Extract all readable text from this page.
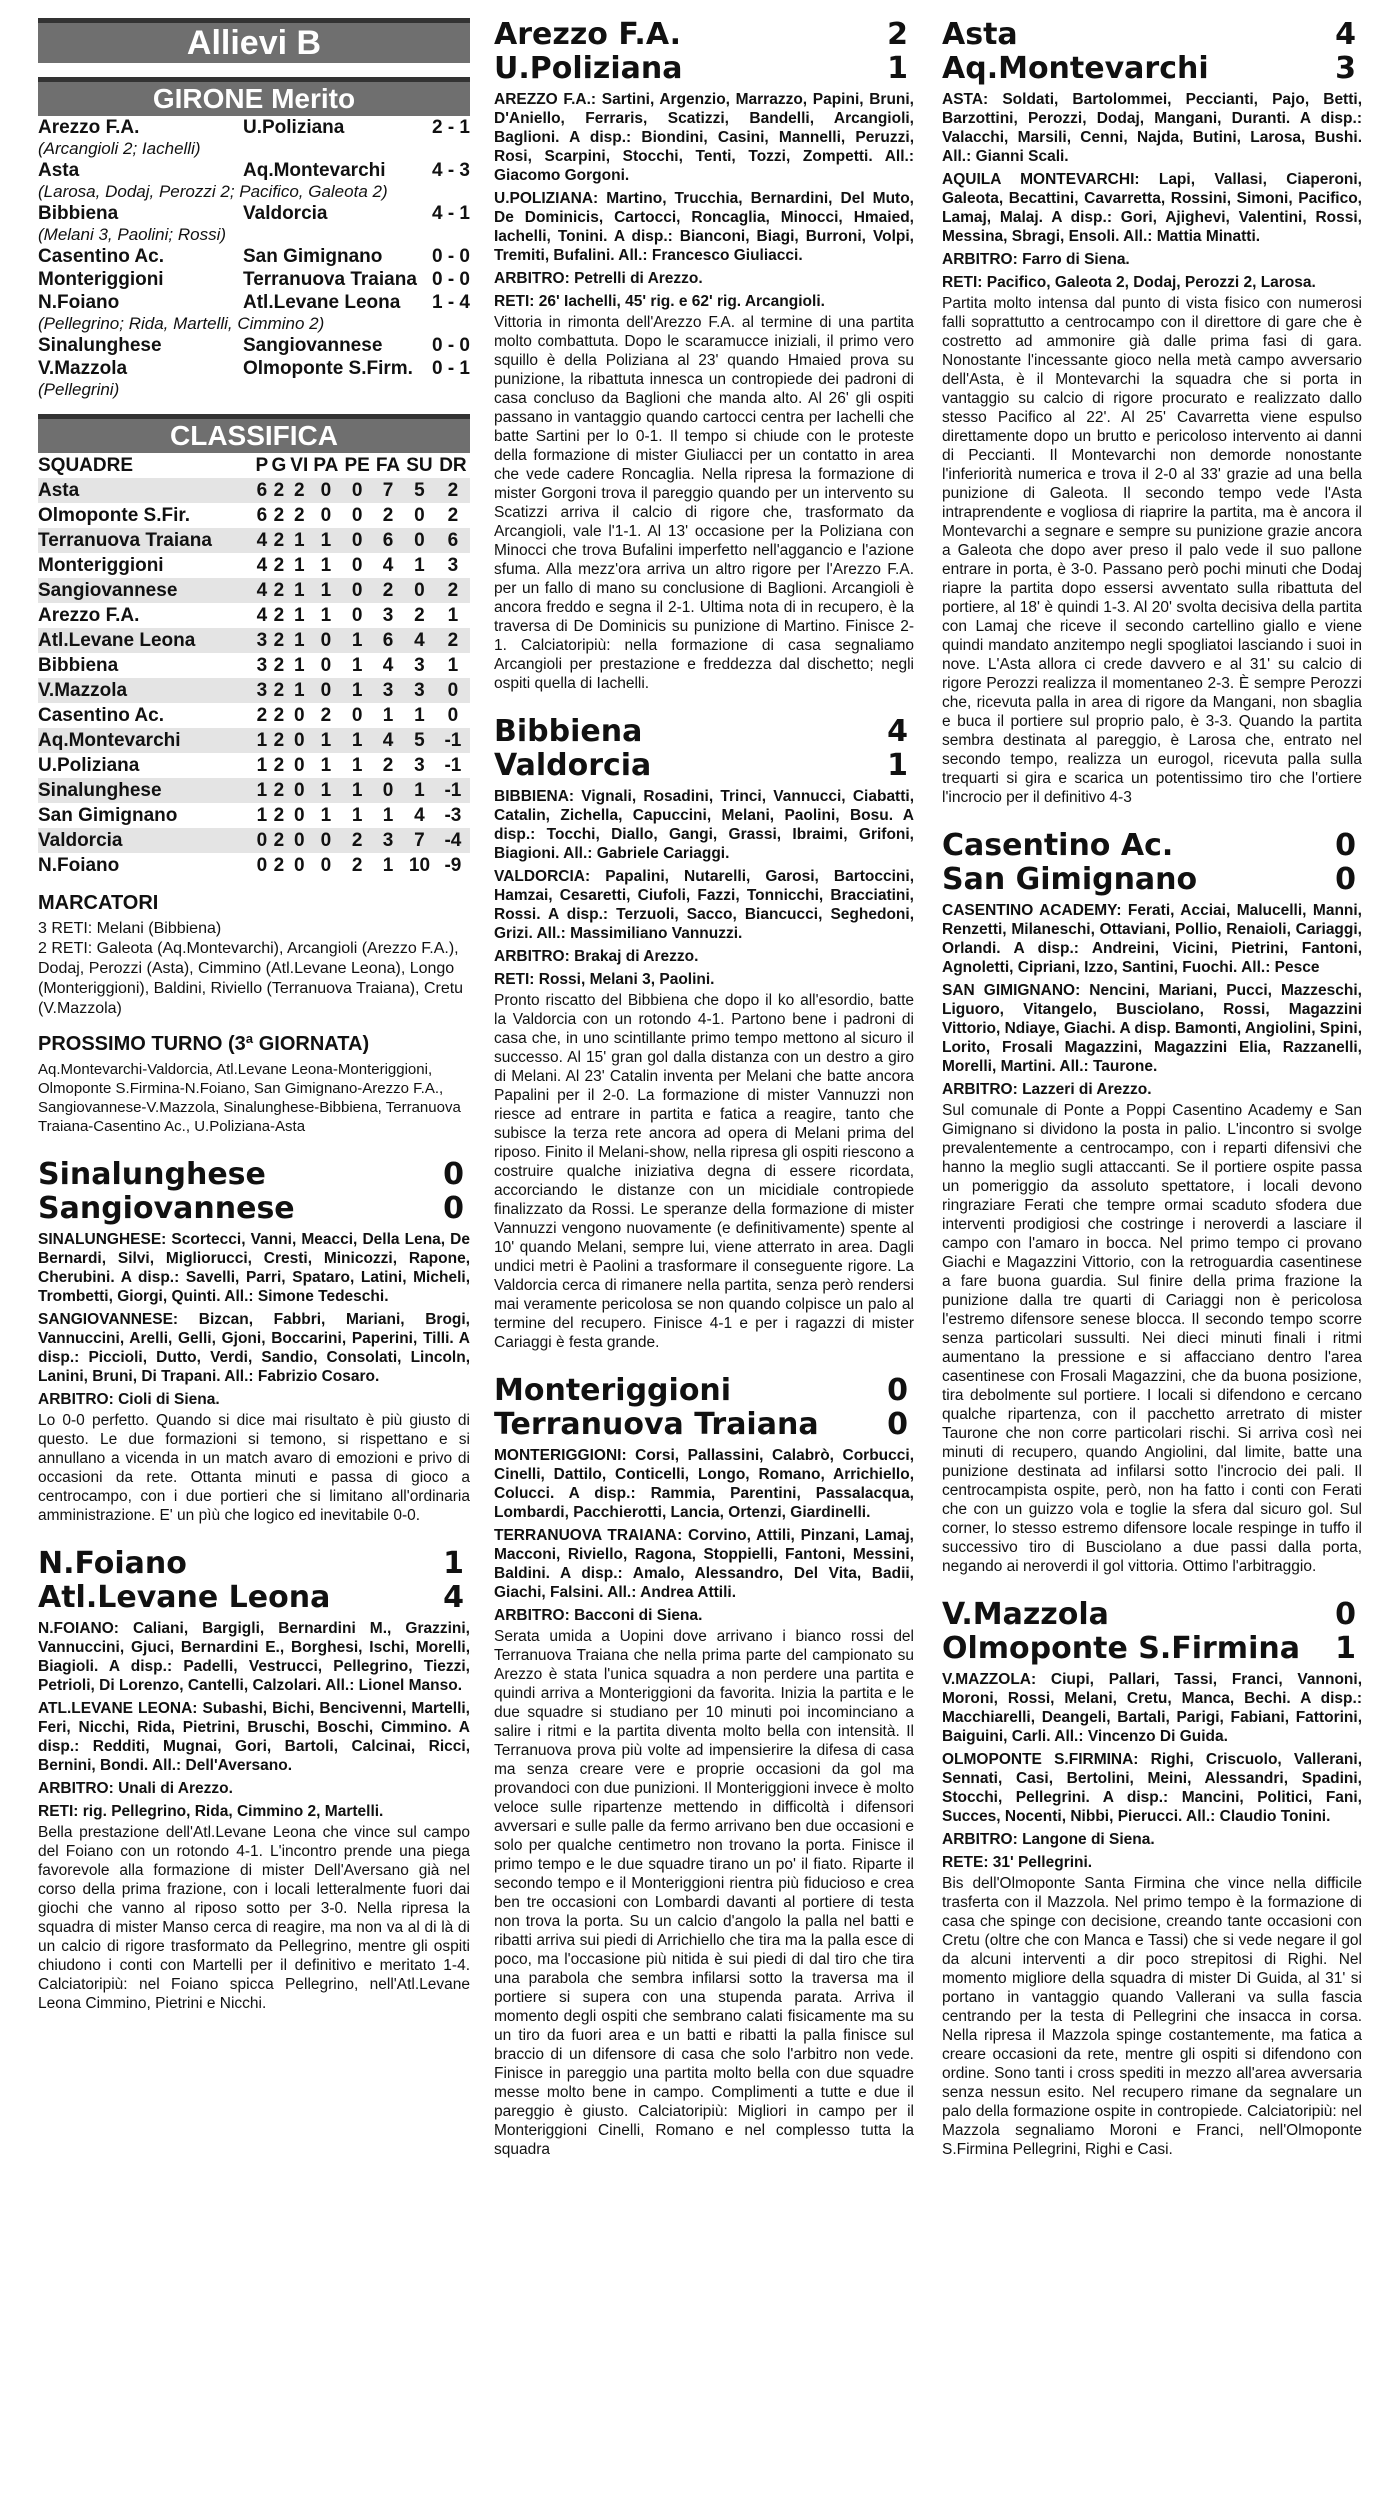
Allievi B
GIRONE Merito
Arezzo F.A.	U.Poliziana	2 - 1
(Arcangioli 2; Iachelli)
Asta	Aq.Montevarchi	4 - 3
(Larosa, Dodaj, Perozzi 2; Pacifico, Galeota 2)
Bibbiena	Valdorcia	4 - 1
(Melani 3, Paolini; Rossi)
Casentino Ac.	San Gimignano	0 - 0
Monteriggioni	Terranuova Traiana 0 - 0
N.Foiano	Atl.Levane Leona	1 - 4
(Pellegrino; Rida, Martelli, Cimmino 2)
Sinalunghese	Sangiovannese	0 - 0
V.Mazzola	Olmoponte S.Firm.	0 - 1
(Pellegrini)
CLASSIFICA
SQUADRE	P	G	VI	PA	PE	FA	SU	DR
Asta	6	2	2	0	0	7	5	2
Olmoponte S.Fir.	6	2	2	0	0	2	0	2
Terranuova Traiana	4	2	1	1	0	6	0	6
Monteriggioni	4	2	1	1	0	4	1	3
Sangiovannese	4	2	1	1	0	2	0	2
Arezzo F.A.	4	2	1	1	0	3	2	1
Atl.Levane Leona	3	2	1	0	1	6	4	2
Bibbiena	3	2	1	0	1	4	3	1
V.Mazzola	3	2	1	0	1	3	3	0
Casentino Ac.	2	2	0	2	0	1	1	0
Aq.Montevarchi	1	2	0	1	1	4	5	-1
U.Poliziana	1	2	0	1	1	2	3	-1
Sinalunghese	1	2	0	1	1	0	1	-1
San Gimignano	1	2	0	1	1	1	4	-3
Valdorcia	0	2	0	0	2	3	7	-4
N.Foiano	0	2	0	0	2	1	10	-9
MARCATORI
3 RETI: Melani (Bibbiena)
2 RETI: Galeota (Aq.Montevarchi), Arcangioli (Arezzo F.A.), Dodaj, Perozzi (Asta), Cimmino (Atl.Levane Leona), Longo (Monteriggioni), Baldini, Riviello (Terranuova Traiana), Cretu (V.Mazzola)
PROSSIMO TURNO (3ª GIORNATA)
Aq.Montevarchi-Valdorcia, Atl.Levane Leona-Monteriggioni, Olmoponte S.Firmina-N.Foiano, San Gimignano-Arezzo F.A., Sangiovannese-V.Mazzola, Sinalunghese-Bibbiena, Terranuova Traiana-Casentino Ac., U.Poliziana-Asta
Sinalunghese	0
Sangiovannese	0
SINALUNGHESE: Scortecci, Vanni, Meacci, Della Lena, De Bernardi, Silvi, Migliorucci, Cresti, Minicozzi, Rapone, Cherubini. A disp.: Savelli, Parri, Spataro, Latini, Micheli, Trombetti, Giorgi, Quinti. All.: Simone Tedeschi.
SANGIOVANNESE: Bizcan, Fabbri, Mariani, Brogi, Vannuccini, Arelli, Gelli, Gjoni, Boccarini, Paperini, Tilli. A disp.: Piccioli, Dutto, Verdi, Sandio, Consolati, Lincoln, Lanini, Bruni, Di Trapani. All.: Fabrizio Cosaro.
ARBITRO: Cioli di Siena.
Lo 0-0 perfetto. Quando si dice mai risultato è più giusto di questo. Le due formazioni si temono, si rispettano e si annullano a vicenda in un match avaro di emozioni e privo di occasioni da rete. Ottanta minuti e passa di gioco a centrocampo, con i due portieri che si limitano all'ordinaria amministrazione. E' un pìù che logico ed inevitabile 0-0.
N.Foiano	1
Atl.Levane Leona	4
N.FOIANO: Caliani, Bargigli, Bernardini M., Grazzini, Vannuccini, Gjuci, Bernardini E., Borghesi, Ischi, Morelli, Biagioli. A disp.: Padelli, Vestrucci, Pellegrino, Tiezzi, Petrioli, Di Lorenzo, Cantelli, Calzolari. All.: Lionel Manso.
ATL.LEVANE LEONA: Subashi, Bichi, Bencivenni, Martelli, Feri, Nicchi, Rida, Pietrini, Bruschi, Boschi, Cimmino. A disp.: Redditi, Mugnai, Gori, Bartoli, Calcinai, Ricci, Bernini, Bondi. All.: Dell'Aversano.
ARBITRO: Unali di Arezzo.
RETI: rig. Pellegrino, Rida, Cimmino 2, Martelli.
Bella prestazione dell'Atl.Levane Leona che vince sul campo del Foiano con un rotondo 4-1. L'incontro prende una piega favorevole alla formazione di mister Dell'Aversano già nel corso della prima frazione, con i locali letteralmente fuori dai giochi che vanno al riposo sotto per 3-0. Nella ripresa la squadra di mister Manso cerca di reagire, ma non va al di là di un calcio di rigore trasformato da Pellegrino, mentre gli ospiti chiudono i conti con Martelli per il definitivo e meritato 1-4. Calciatoripiù: nel Foiano spicca Pellegrino, nell'Atl.Levane Leona Cimmino, Pietrini e Nicchi.
Arezzo F.A.	2
U.Poliziana	1
AREZZO F.A.: Sartini, Argenzio, Marrazzo, Papini, Bruni, D'Aniello, Ferraris, Scatizzi, Bandelli, Arcangioli, Baglioni. A disp.: Biondini, Casini, Mannelli, Peruzzi, Rosi, Scarpini, Stocchi, Tenti, Tozzi, Zompetti. All.: Giacomo Gorgoni.
U.POLIZIANA: Martino, Trucchia, Bernardini, Del Muto, De Dominicis, Cartocci, Roncaglia, Minocci, Hmaied, Iachelli, Tonini. A disp.: Bianconi, Biagi, Burroni, Volpi, Tremiti, Bufalini. All.: Francesco Giuliacci.
ARBITRO: Petrelli di Arezzo.
RETI: 26' Iachelli, 45' rig. e 62' rig. Arcangioli.
Vittoria in rimonta dell'Arezzo F.A. al termine di una partita molto combattuta. Dopo le scaramucce iniziali, il primo vero squillo è della Poliziana al 23' quando Hmaied prova su punizione, la ribattuta innesca un contropiede dei padroni di casa concluso da Baglioni che manda alto. Al 26' gli ospiti passano in vantaggio quando cartocci centra per Iachelli che batte Sartini per lo 0-1. Il tempo si chiude con le proteste della formazione di mister Giuliacci per un contatto in area che vede cadere Roncaglia. Nella ripresa la formazione di mister Gorgoni trova il pareggio quando per un intervento su Scatizzi arriva il calcio di rigore che, trasformato da Arcangioli, vale l'1-1. Al 13' occasione per la Poliziana con Minocci che trova Bufalini imperfetto nell'aggancio e l'azione sfuma. Alla mezz'ora arriva un altro rigore per l'Arezzo F.A. per un fallo di mano su conclusione di Baglioni. Arcangioli è ancora freddo e segna il 2-1. Ultima nota di in recupero, è la traversa di De Dominicis su punizione di Martino. Finisce 2-1. Calciatoripiù: nella formazione di casa segnaliamo Arcangioli per prestazione e freddezza dal dischetto; negli ospiti quella di Iachelli.
Bibbiena	4
Valdorcia	1
BIBBIENA: Vignali, Rosadini, Trinci, Vannucci, Ciabatti, Catalin, Zichella, Capuccini, Melani, Paolini, Bosu. A disp.: Tocchi, Diallo, Gangi, Grassi, Ibraimi, Grifoni, Biagioni. All.: Gabriele Cariaggi.
VALDORCIA: Papalini, Nutarelli, Garosi, Bartoccini, Hamzai, Cesaretti, Ciufoli, Fazzi, Tonnicchi, Bracciatini, Rossi. A disp.: Terzuoli, Sacco, Biancucci, Seghedoni, Grizi. All.: Massimiliano Vannuzzi.
ARBITRO: Brakaj di Arezzo.
RETI: Rossi, Melani 3, Paolini.
Pronto riscatto del Bibbiena che dopo il ko all'esordio, batte la Valdorcia con un rotondo 4-1. Partono bene i padroni di casa che, in uno scintillante primo tempo mettono al sicuro il successo. Al 15' gran gol dalla distanza con un destro a giro di Melani. Al 23' Catalin inventa per Melani che batte ancora Papalini per il 2-0. La formazione di mister Vannuzzi non riesce ad entrare in partita e fatica a reagire, tanto che subisce la terza rete ancora ad opera di Melani prima del riposo. Finito il Melani-show, nella ripresa gli ospiti riescono a costruire qualche iniziativa degna di essere ricordata, accorciando le distanze con un micidiale contropiede finalizzato da Rossi. Le speranze della formazione di mister Vannuzzi vengono nuovamente (e definitivamente) spente al 10' quando Melani, sempre lui, viene atterrato in area. Dagli undici metri è Paolini a trasformare il conseguente rigore. La Valdorcia cerca di rimanere nella partita, senza però rendersi mai veramente pericolosa se non quando colpisce un palo al termine del recupero. Finisce 4-1 e per i ragazzi di mister Cariaggi è festa grande.
Monteriggioni	0
Terranuova Traiana 0
MONTERIGGIONI: Corsi, Pallassini, Calabrò, Corbucci, Cinelli, Dattilo, Conticelli, Longo, Romano, Arrichiello, Colucci. A disp.: Rammia, Parentini, Passalacqua, Lombardi, Pacchierotti, Lancia, Ortenzi, Giardinelli.
TERRANUOVA TRAIANA: Corvino, Attili, Pinzani, Lamaj, Macconi, Riviello, Ragona, Stoppielli, Fantoni, Messini, Baldini. A disp.: Amalo, Alessandro, Del Vita, Badii, Giachi, Falsini. All.: Andrea Attili.
ARBITRO: Bacconi di Siena.
Serata umida a Uopini dove arrivano i bianco rossi del Terranuova Traiana che nella prima parte del campionato su Arezzo è stata l'unica squadra a non perdere una partita e quindi arriva a Monteriggioni da favorita. Inizia la partita e le due squadre si studiano per 10 minuti poi incominciano a salire i ritmi e la partita diventa molto bella con intensità. Il Terranuova prova più volte ad impensierire la difesa di casa ma senza creare vere e proprie occasioni da gol ma provandoci con due punizioni. Il Monteriggioni invece è molto veloce sulle ripartenze mettendo in difficoltà i difensori avversari e sulle palle da fermo arrivano ben due occasioni e solo per qualche centimetro non trovano la porta. Finisce il primo tempo e le due squadre tirano un po' il fiato. Riparte il secondo tempo e il Monteriggioni rientra più fiducioso e crea ben tre occasioni con Lombardi davanti al portiere di testa non trova la porta. Su un calcio d'angolo la palla nel batti e ribatti arriva sui piedi di Arrichiello che tira ma la palla esce di poco, ma l'occasione più nitida è sui piedi di dal tiro che tira una parabola che sembra infilarsi sotto la traversa ma il portiere si supera con una stupenda parata. Arriva il momento degli ospiti che sembrano calati fisicamente ma su un tiro da fuori area e un batti e ribatti la palla finisce sul braccio di un difensore di casa che solo l'arbitro non vede. Finisce in pareggio una partita molto bella con due squadre messe molto bene in campo. Complimenti a tutte e due il pareggio è giusto. Calciatoripiù: Migliori in campo per il Monteriggioni Cinelli, Romano e nel complesso tutta la squadra
Asta	4
Aq.Montevarchi	3
ASTA: Soldati, Bartolommei, Peccianti, Pajo, Betti, Barzottini, Perozzi, Dodaj, Mangani, Duranti. A disp.: Valacchi, Marsili, Cenni, Najda, Butini, Larosa, Bushi. All.: Gianni Scali.
AQUILA MONTEVARCHI: Lapi, Vallasi, Ciaperoni, Galeota, Becattini, Cavarretta, Rossini, Simoni, Pacifico, Lamaj, Malaj. A disp.: Gori, Ajighevi, Valentini, Rossi, Messina, Sbragi, Ensoli. All.: Mattia Minatti.
ARBITRO: Farro di Siena.
RETI: Pacifico, Galeota 2, Dodaj, Perozzi 2, Larosa.
Partita molto intensa dal punto di vista fisico con numerosi falli soprattutto a centrocampo con il direttore di gare che è costretto ad ammonire già dalle prima fasi di gara. Nonostante l'incessante gioco nella metà campo avversario dell'Asta, è il Montevarchi la squadra che si porta in vantaggio su calcio di rigore procurato e realizzato dallo stesso Pacifico al 22'. Al 25' Cavarretta viene espulso direttamente dopo un brutto e pericoloso intervento ai danni di Peccianti. Il Montevarchi non demorde nonostante l'inferiorità numerica e trova il 2-0 al 33' grazie ad una bella punizione di Galeota. Il secondo tempo vede l'Asta intraprendente e vogliosa di riaprire la partita, ma è ancora il Montevarchi a segnare e sempre su punizione grazie ancora a Galeota che dopo aver preso il palo vede il suo pallone entrare in porta, è 3-0. Passano però pochi minuti che Dodaj riapre la partita dopo essersi avventato sulla ribattuta del portiere, al 18' è quindi 1-3. Al 20' svolta decisiva della partita con Lamaj che riceve il secondo cartellino giallo e viene quindi mandato anzitempo negli spogliatoi lasciando i suoi in nove. L'Asta allora ci crede davvero e al 31' su calcio di rigore Perozzi realizza il momentaneo 2-3. È sempre Perozzi che, ricevuta palla in area di rigore da Mangani, non sbaglia e buca il portiere sul proprio palo, è 3-3. Quando la partita sembra destinata al pareggio, è Larosa che, entrato nel secondo tempo, realizza un eurogol, ricevuta palla sulla trequarti si gira e scarica un potentissimo tiro che l'ortiere l'incrocio per il definitivo 4-3
Casentino Ac.	0
San Gimignano	0
CASENTINO ACADEMY: Ferati, Acciai, Malucelli, Manni, Renzetti, Milaneschi, Ottaviani, Pollio, Renaioli, Cariaggi, Orlandi. A disp.: Andreini, Vicini, Pietrini, Fantoni, Agnoletti, Cipriani, Izzo, Santini, Fuochi. All.: Pesce
SAN GIMIGNANO: Nencini, Mariani, Pucci, Mazzeschi, Liguoro, Vitangelo, Busciolano, Rossi, Magazzini Vittorio, Ndiaye, Giachi. A disp. Bamonti, Angiolini, Spini, Lorito, Frosali Magazzini, Magazzini Elia, Razzanelli, Morelli, Martini. All.: Taurone.
ARBITRO: Lazzeri di Arezzo.
Sul comunale di Ponte a Poppi Casentino Academy e San Gimignano si dividono la posta in palio. L'incontro si svolge prevalentemente a centrocampo, con i reparti difensivi che hanno la meglio sugli attaccanti. Se il portiere ospite passa un pomeriggio da assoluto spettatore, i locali devono ringraziare Ferati che tempre ormai scaduto sfodera due interventi prodigiosi che costringe i neroverdi a lasciare il campo con l'amaro in bocca. Nel primo tempo ci provano Giachi e Magazzini Vittorio, con la retroguardia casentinese a fare buona guardia. Sul finire della prima frazione la punizione dalla tre quarti di Cariaggi non è pericolosa l'estremo difensore senese blocca. Il secondo tempo scorre senza particolari sussulti. Nei dieci minuti finali i ritmi aumentano la pressione e si affacciano dentro l'area casentinese con Frosali Magazzini, che da buona posizione, tira debolmente sul portiere. I locali si difendono e cercano qualche ripartenza, con il pacchetto arretrato di mister Taurone che non corre particolari rischi. Si arriva così nei minuti di recupero, quando Angiolini, dal limite, batte una punizione destinata ad infilarsi sotto l'incrocio dei pali. Il centrocampista ospite, però, non ha fatto i conti con Ferati che con un guizzo vola e toglie la sfera dal sicuro gol. Sul corner, lo stesso estremo difensore locale respinge in tuffo il successivo tiro di Busciolano a due passi dalla porta, negando ai neroverdi il gol vittoria. Ottimo l'arbitraggio.
V.Mazzola	0
Olmoponte S.Firmina 1
V.MAZZOLA: Ciupi, Pallari, Tassi, Franci, Vannoni, Moroni, Rossi, Melani, Cretu, Manca, Bechi. A disp.: Macchiarelli, Deangeli, Bartali, Parigi, Fabiani, Fattorini, Baiguini, Carli. All.: Vincenzo Di Guida.
OLMOPONTE S.FIRMINA: Righi, Criscuolo, Vallerani, Sennati, Casi, Bertolini, Meini, Alessandri, Spadini, Stocchi, Pellegrini. A disp.: Mancini, Politici, Fani, Succes, Nocenti, Nibbi, Pierucci. All.: Claudio Tonini.
ARBITRO: Langone di Siena.
RETE: 31' Pellegrini.
Bis dell'Olmoponte Santa Firmina che vince nella difficile trasferta con il Mazzola. Nel primo tempo è la formazione di casa che spinge con decisione, creando tante occasioni con Cretu (oltre che con Manca e Tassi) che si vede negare il gol da alcuni interventi a dir poco strepitosi di Righi. Nel momento migliore della squadra di mister Di Guida, al 31' si portano in vantaggio quando Vallerani va sulla fascia centrando per la testa di Pellegrini che insacca in corsa. Nella ripresa il Mazzola spinge costantemente, ma fatica a creare occasioni da rete, mentre gli ospiti si difendono con ordine. Sono tanti i cross spediti in mezzo all'area avversaria senza nessun esito. Nel recupero rimane da segnalare un palo della formazione ospite in contropiede. Calciatoripiù: nel Mazzola segnaliamo Moroni e Franci, nell'Olmoponte S.Firmina Pellegrini, Righi e Casi.
